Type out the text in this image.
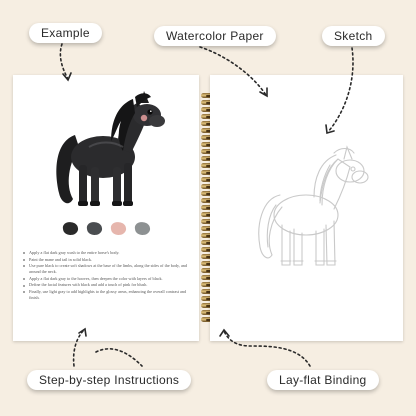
Apply a flat dark gray wash to the entire horse's body.
Paint the mane and tail in solid black.
Use pure black to create soft shadows at the base of the limbs, along the sides of the body, and around the neck.
Apply a flat dark gray to the hooves, then deepen the color with layers of black.
Define the facial features with black and add a touch of pink for blush.
Finally, use light gray to add highlights to the glossy areas, enhancing the overall contrast and finish.
Example	Watercolor Paper	Sketch
Step-by-step Instructions	Lay-flat Binding
